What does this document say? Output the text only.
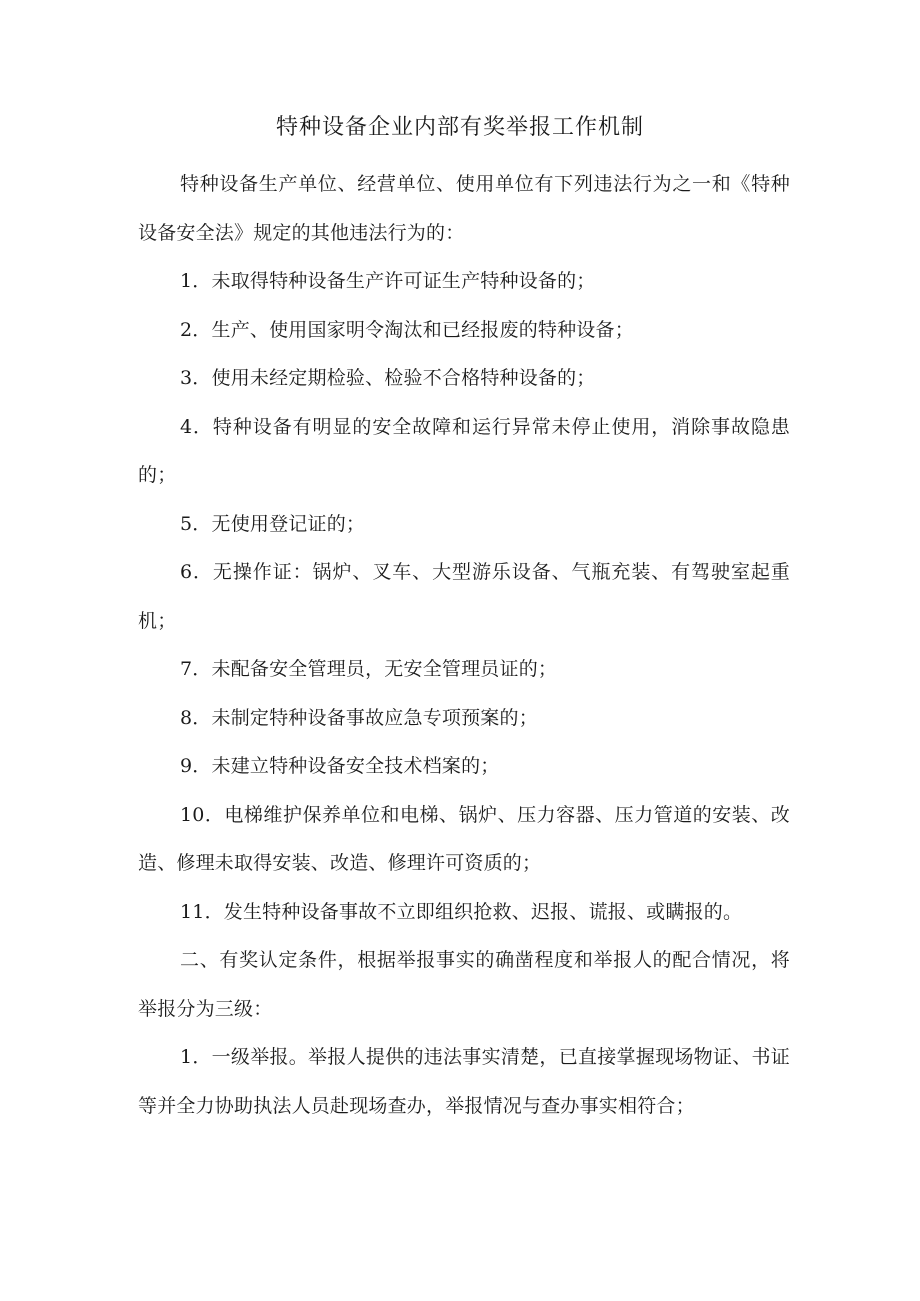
特种设备企业内部有奖举报工作机制

特种设备生产单位、经营单位、使用单位有下列违法行为之一和《特种设备安全法》规定的其他违法行为的：

1．未取得特种设备生产许可证生产特种设备的；

2．生产、使用国家明令淘汰和已经报废的特种设备；

3．使用未经定期检验、检验不合格特种设备的；

4．特种设备有明显的安全故障和运行异常未停止使用，消除事故隐患的；

5．无使用登记证的；

6．无操作证：锅炉、叉车、大型游乐设备、气瓶充装、有驾驶室起重机；

7．未配备安全管理员，无安全管理员证的；

8．未制定特种设备事故应急专项预案的；

9．未建立特种设备安全技术档案的；

10．电梯维护保养单位和电梯、锅炉、压力容器、压力管道的安装、改造、修理未取得安装、改造、修理许可资质的；

11．发生特种设备事故不立即组织抢救、迟报、谎报、或瞒报的。

二、有奖认定条件，根据举报事实的确凿程度和举报人的配合情况，将举报分为三级：

1．一级举报。举报人提供的违法事实清楚，已直接掌握现场物证、书证等并全力协助执法人员赴现场查办，举报情况与查办事实相符合；
